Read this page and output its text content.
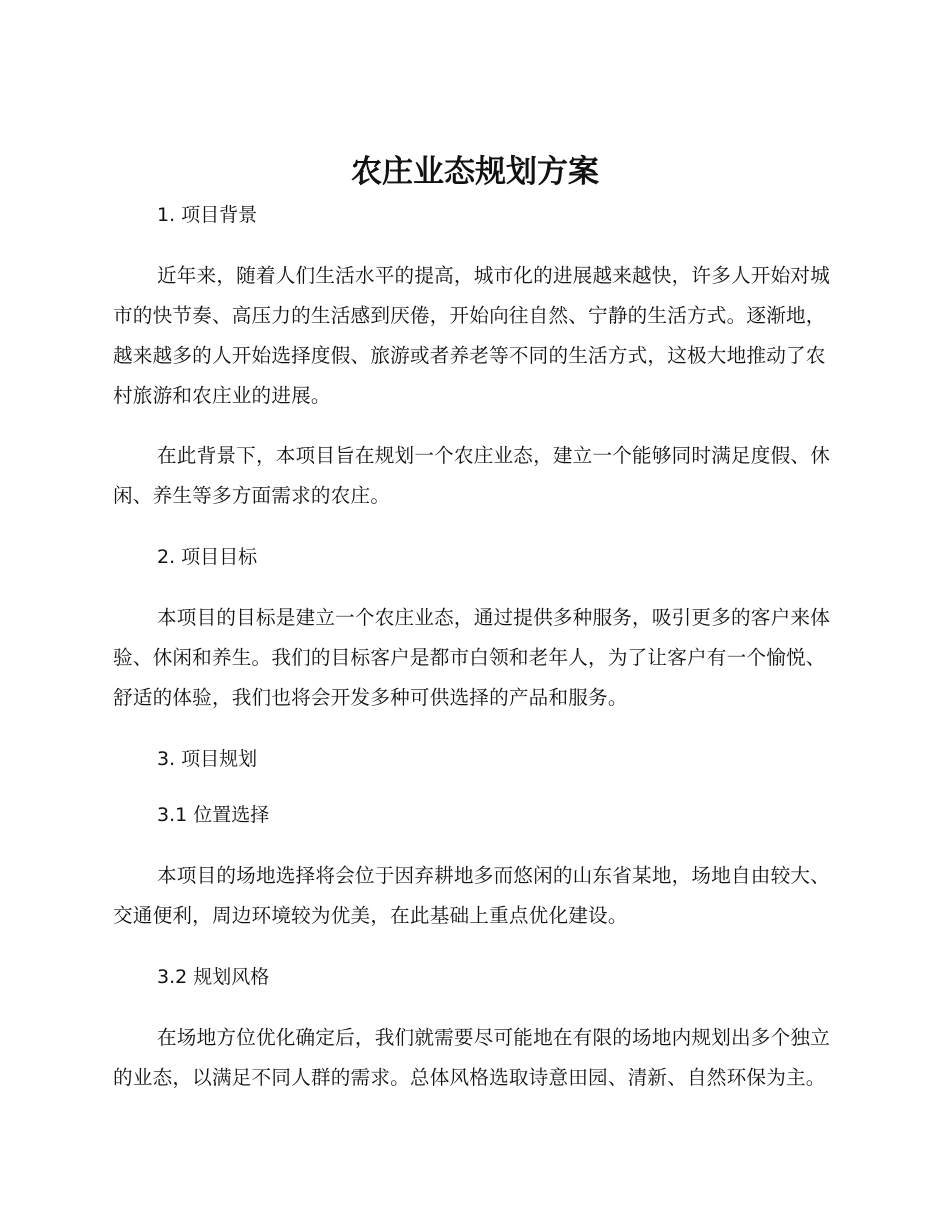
农庄业态规划方案
1. 项目背景

近年来，随着人们生活水平的提高，城市化的进展越来越快，许多人开始对城市的快节奏、高压力的生活感到厌倦，开始向往自然、宁静的生活方式。逐渐地，越来越多的人开始选择度假、旅游或者养老等不同的生活方式，这极大地推动了农村旅游和农庄业的进展。

在此背景下，本项目旨在规划一个农庄业态，建立一个能够同时满足度假、休闲、养生等多方面需求的农庄。

2. 项目目标

本项目的目标是建立一个农庄业态，通过提供多种服务，吸引更多的客户来体验、休闲和养生。我们的目标客户是都市白领和老年人，为了让客户有一个愉悦、舒适的体验，我们也将会开发多种可供选择的产品和服务。

3. 项目规划
3.1 位置选择

本项目的场地选择将会位于因弃耕地多而悠闲的山东省某地，场地自由较大、交通便利，周边环境较为优美，在此基础上重点优化建设。

3.2 规划风格

在场地方位优化确定后，我们就需要尽可能地在有限的场地内规划出多个独立的业态，以满足不同人群的需求。总体风格选取诗意田园、清新、自然环保为主。
